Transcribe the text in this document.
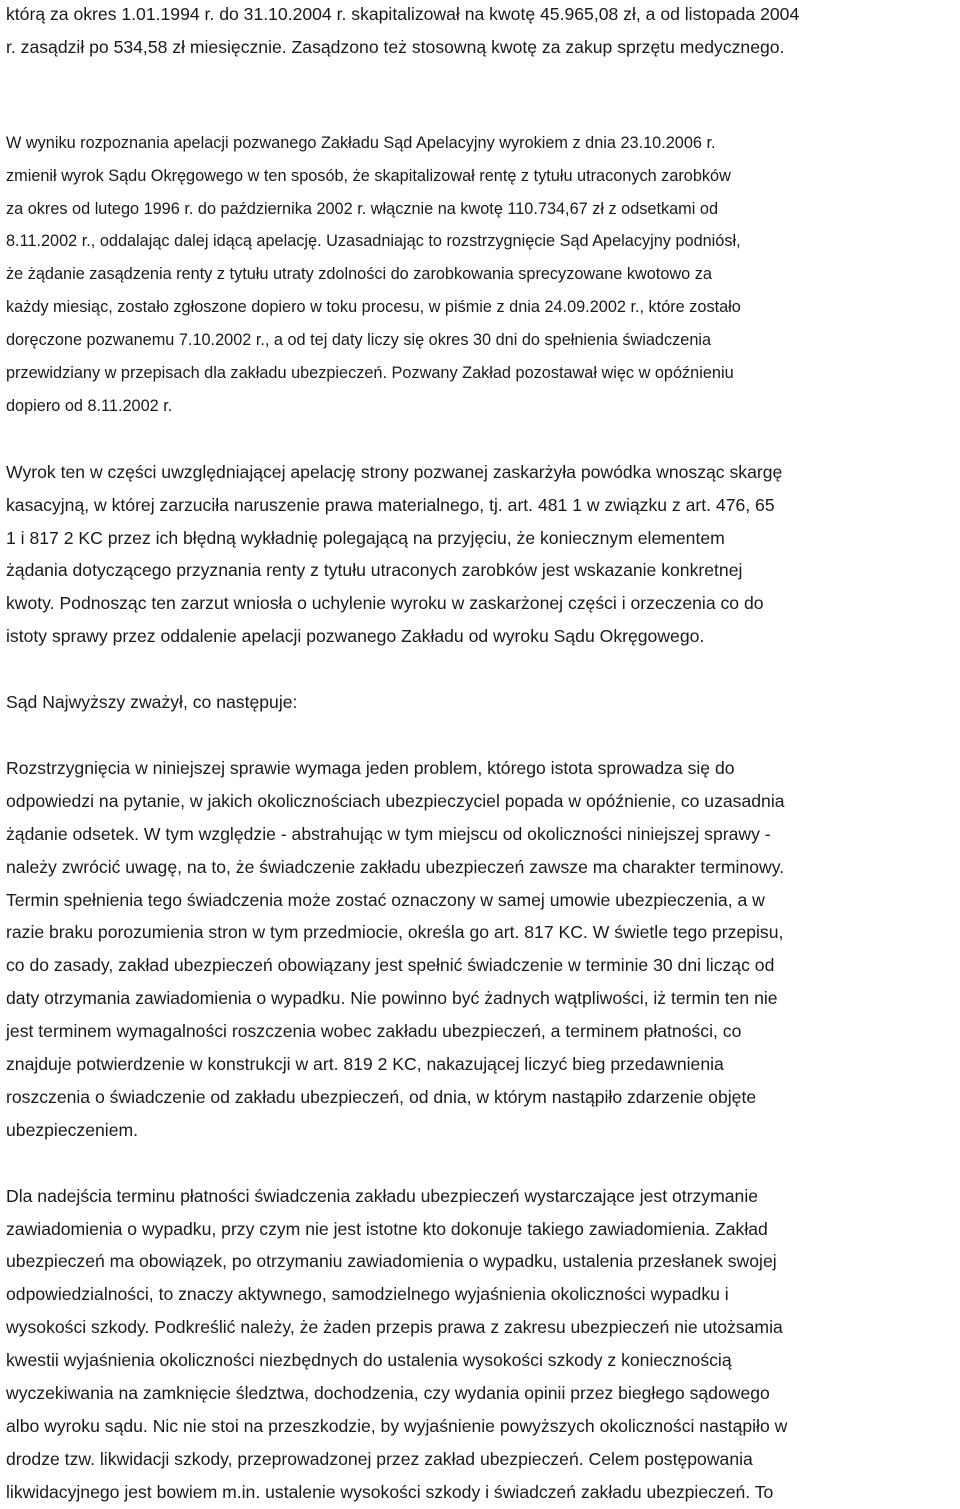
którą za okres 1.01.1994 r. do 31.10.2004 r. skapitalizował na kwotę 45.965,08 zł, a od listopada 2004
r. zasądził po 534,58 zł miesięcznie. Zasądzono też stosowną kwotę za zakup sprzętu medycznego.
W wyniku rozpoznania apelacji pozwanego Zakładu Sąd Apelacyjny wyrokiem z dnia 23.10.2006 r.
zmienił wyrok Sądu Okręgowego w ten sposób, że skapitalizował rentę z tytułu utraconych zarobków
za okres od lutego 1996 r. do października 2002 r. włącznie na kwotę 110.734,67 zł z odsetkami od
8.11.2002 r., oddalając dalej idącą apelację. Uzasadniając to rozstrzygnięcie Sąd Apelacyjny podniósł,
że żądanie zasądzenia renty z tytułu utraty zdolności do zarobkowania sprecyzowane kwotowo za
każdy miesiąc, zostało zgłoszone dopiero w toku procesu, w piśmie z dnia 24.09.2002 r., które zostało
doręczone pozwanemu 7.10.2002 r., a od tej daty liczy się okres 30 dni do spełnienia świadczenia
przewidziany w przepisach dla zakładu ubezpieczeń. Pozwany Zakład pozostawał więc w opóźnieniu
dopiero od 8.11.2002 r.
Wyrok ten w części uwzględniającej apelację strony pozwanej zaskarżyła powódka wnosząc skargę
kasacyjną, w której zarzuciła naruszenie prawa materialnego, tj. art. 481 1 w związku z art. 476, 65
1 i 817 2 KC przez ich błędną wykładnię polegającą na przyjęciu, że koniecznym elementem
żądania dotyczącego przyznania renty z tytułu utraconych zarobków jest wskazanie konkretnej
kwoty. Podnosząc ten zarzut wniosła o uchylenie wyroku w zaskarżonej części i orzeczenia co do
istoty sprawy przez oddalenie apelacji pozwanego Zakładu od wyroku Sądu Okręgowego.
Sąd Najwyższy zważył, co następuje:
Rozstrzygnięcia w niniejszej sprawie wymaga jeden problem, którego istota sprowadza się do
odpowiedzi na pytanie, w jakich okolicznościach ubezpieczyciel popada w opóźnienie, co uzasadnia
żądanie odsetek. W tym względzie - abstrahując w tym miejscu od okoliczności niniejszej sprawy -
należy zwrócić uwagę, na to, że świadczenie zakładu ubezpieczeń zawsze ma charakter terminowy.
Termin spełnienia tego świadczenia może zostać oznaczony w samej umowie ubezpieczenia, a w
razie braku porozumienia stron w tym przedmiocie, określa go art. 817 KC. W świetle tego przepisu,
co do zasady, zakład ubezpieczeń obowiązany jest spełnić świadczenie w terminie 30 dni licząc od
daty otrzymania zawiadomienia o wypadku. Nie powinno być żadnych wątpliwości, iż termin ten nie
jest terminem wymagalności roszczenia wobec zakładu ubezpieczeń, a terminem płatności, co
znajduje potwierdzenie w konstrukcji w art. 819 2 KC, nakazującej liczyć bieg przedawnienia
roszczenia o świadczenie od zakładu ubezpieczeń, od dnia, w którym nastąpiło zdarzenie objęte
ubezpieczeniem.
Dla nadejścia terminu płatności świadczenia zakładu ubezpieczeń wystarczające jest otrzymanie
zawiadomienia o wypadku, przy czym nie jest istotne kto dokonuje takiego zawiadomienia. Zakład
ubezpieczeń ma obowiązek, po otrzymaniu zawiadomienia o wypadku, ustalenia przesłanek swojej
odpowiedzialności, to znaczy aktywnego, samodzielnego wyjaśnienia okoliczności wypadku i
wysokości szkody. Podkreślić należy, że żaden przepis prawa z zakresu ubezpieczeń nie utożsamia
kwestii wyjaśnienia okoliczności niezbędnych do ustalenia wysokości szkody z koniecznością
wyczekiwania na zamknięcie śledztwa, dochodzenia, czy wydania opinii przez biegłego sądowego
albo wyroku sądu. Nic nie stoi na przeszkodzie, by wyjaśnienie powyższych okoliczności nastąpiło w
drodze tzw. likwidacji szkody, przeprowadzonej przez zakład ubezpieczeń. Celem postępowania
likwidacyjnego jest bowiem m.in. ustalenie wysokości szkody i świadczeń zakładu ubezpieczeń. To
